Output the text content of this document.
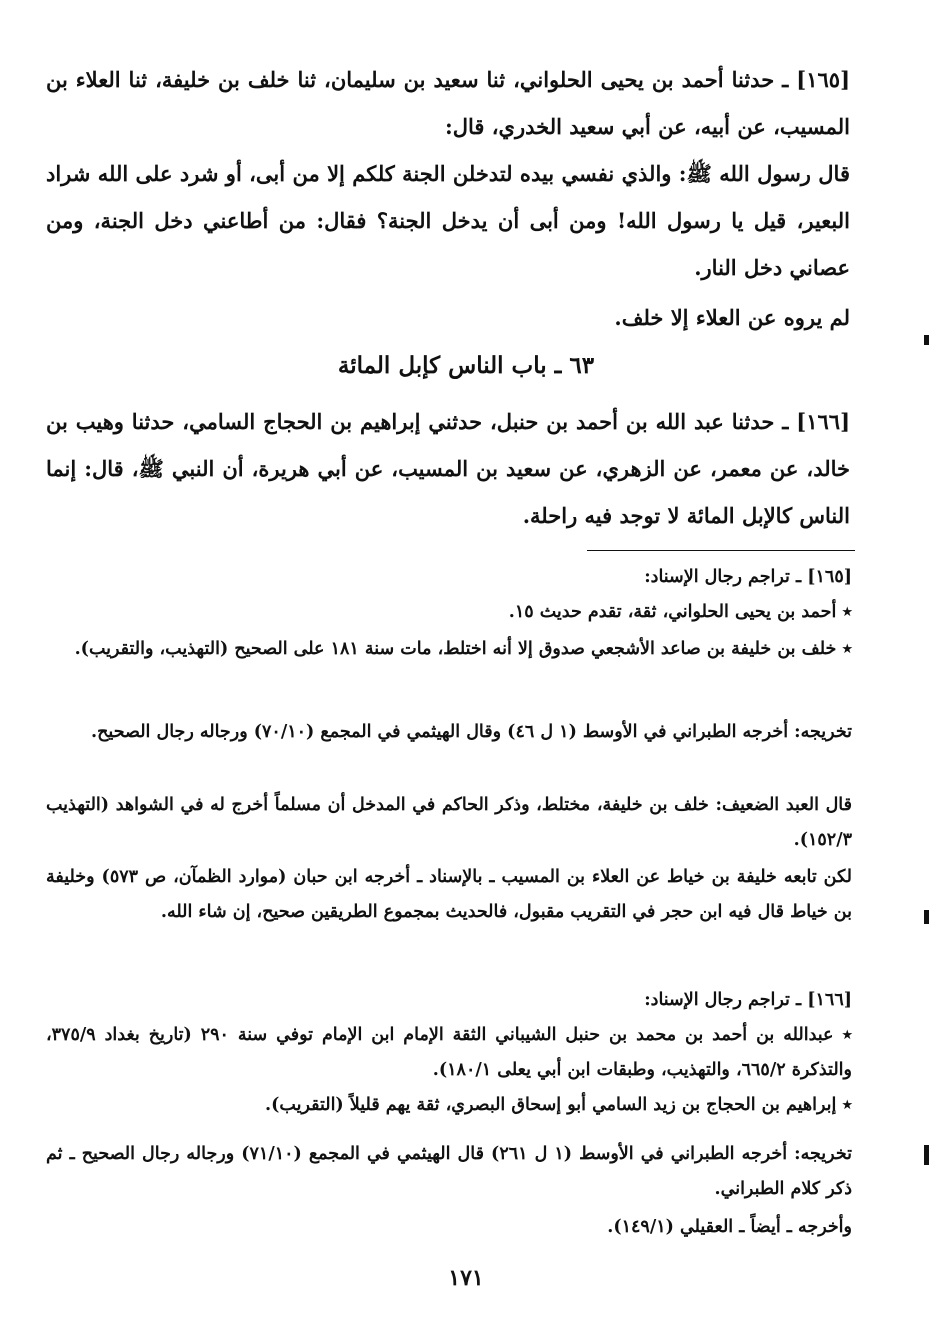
[١٦٥] ـ حدثنا أحمد بن يحيى الحلواني، ثنا سعيد بن سليمان، ثنا خلف بن خليفة، ثنا العلاء بن المسيب، عن أبيه، عن أبي سعيد الخدري، قال:

قال رسول الله ﷺ: والذي نفسي بيده لتدخلن الجنة كلكم إلا من أبى، أو شرد على الله شراد البعير، قيل يا رسول الله! ومن أبى أن يدخل الجنة؟ فقال: من أطاعني دخل الجنة، ومن عصاني دخل النار.

لم يروه عن العلاء إلا خلف.

٦٣ ـ باب الناس كإبل المائة

[١٦٦] ـ حدثنا عبد الله بن أحمد بن حنبل، حدثني إبراهيم بن الحجاج السامي، حدثنا وهيب بن خالد، عن معمر، عن الزهري، عن سعيد بن المسيب، عن أبي هريرة، أن النبي ﷺ، قال: إنما الناس كالإبل المائة لا توجد فيه راحلة.

[١٦٥] ـ تراجم رجال الإسناد:

٭ أحمد بن يحيى الحلواني، ثقة، تقدم حديث ١٥.

٭ خلف بن خليفة بن صاعد الأشجعي صدوق إلا أنه اختلط، مات سنة ١٨١ على الصحيح (التهذيب، والتقريب).

تخريجه: أخرجه الطبراني في الأوسط (١ ل ٤٦) وقال الهيثمي في المجمع (٧٠/١٠) ورجاله رجال الصحيح.

قال العبد الضعيف: خلف بن خليفة، مختلط، وذكر الحاكم في المدخل أن مسلماً أخرج له في الشواهد (التهذيب ١٥٢/٣).

لكن تابعه خليفة بن خياط عن العلاء بن المسيب ـ بالإسناد ـ أخرجه ابن حبان (موارد الظمآن، ص ٥٧٣) وخليفة بن خياط قال فيه ابن حجر في التقريب مقبول، فالحديث بمجموع الطريقين صحيح، إن شاء الله.

[١٦٦] ـ تراجم رجال الإسناد:

٭ عبدالله بن أحمد بن محمد بن حنبل الشيباني الثقة الإمام ابن الإمام توفي سنة ٢٩٠ (تاريخ بغداد ٣٧٥/٩، والتذكرة ٦٦٥/٢، والتهذيب، وطبقات ابن أبي يعلى ١٨٠/١).

٭ إبراهيم بن الحجاج بن زيد السامي أبو إسحاق البصري، ثقة يهم قليلاً (التقريب).

تخريجه: أخرجه الطبراني في الأوسط (١ ل ٢٦١) قال الهيثمي في المجمع (٧١/١٠) ورجاله رجال الصحيح ـ ثم ذكر كلام الطبراني.

وأخرجه ـ أيضاً ـ العقيلي (١٤٩/١).

١٧١
